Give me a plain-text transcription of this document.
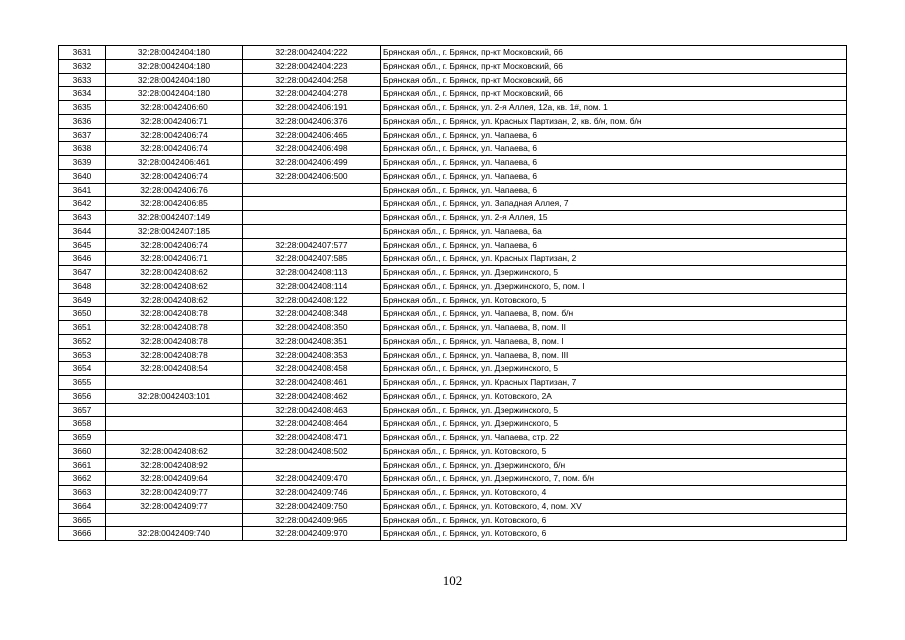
3631	32:28:0042404:180	32:28:0042404:222	Брянская обл., г. Брянск, пр-кт Московский, 66
3632	32:28:0042404:180	32:28:0042404:223	Брянская обл., г. Брянск, пр-кт Московский, 66
3633	32:28:0042404:180	32:28:0042404:258	Брянская обл., г. Брянск, пр-кт Московский, 66
3634	32:28:0042404:180	32:28:0042404:278	Брянская обл., г. Брянск, пр-кт Московский, 66
3635	32:28:0042406:60	32:28:0042406:191	Брянская обл., г. Брянск, ул. 2-я Аллея, 12а, кв. 1#, пом. 1
3636	32:28:0042406:71	32:28:0042406:376	Брянская обл., г. Брянск, ул. Красных Партизан, 2, кв. б/н, пом. б/н
3637	32:28:0042406:74	32:28:0042406:465	Брянская обл., г. Брянск, ул. Чапаева, 6
3638	32:28:0042406:74	32:28:0042406:498	Брянская обл., г. Брянск, ул. Чапаева, 6
3639	32:28:0042406:461	32:28:0042406:499	Брянская обл., г. Брянск, ул. Чапаева, 6
3640	32:28:0042406:74	32:28:0042406:500	Брянская обл., г. Брянск, ул. Чапаева, 6
3641	32:28:0042406:76		Брянская обл., г. Брянск, ул. Чапаева, 6
3642	32:28:0042406:85		Брянская обл., г. Брянск, ул. Западная Аллея, 7
3643	32:28:0042407:149		Брянская обл., г. Брянск, ул. 2-я Аллея, 15
3644	32:28:0042407:185		Брянская обл., г. Брянск, ул. Чапаева, 6а
3645	32:28:0042406:74	32:28:0042407:577	Брянская обл., г. Брянск, ул. Чапаева, 6
3646	32:28:0042406:71	32:28:0042407:585	Брянская обл., г. Брянск, ул. Красных Партизан, 2
3647	32:28:0042408:62	32:28:0042408:113	Брянская обл., г. Брянск, ул. Дзержинского, 5
3648	32:28:0042408:62	32:28:0042408:114	Брянская обл., г. Брянск, ул. Дзержинского, 5, пом. I
3649	32:28:0042408:62	32:28:0042408:122	Брянская обл., г. Брянск, ул. Котовского, 5
3650	32:28:0042408:78	32:28:0042408:348	Брянская обл., г. Брянск, ул. Чапаева, 8, пом. б/н
3651	32:28:0042408:78	32:28:0042408:350	Брянская обл., г. Брянск, ул. Чапаева, 8, пом. II
3652	32:28:0042408:78	32:28:0042408:351	Брянская обл., г. Брянск, ул. Чапаева, 8, пом. I
3653	32:28:0042408:78	32:28:0042408:353	Брянская обл., г. Брянск, ул. Чапаева, 8, пом. III
3654	32:28:0042408:54	32:28:0042408:458	Брянская обл., г. Брянск, ул. Дзержинского, 5
3655		32:28:0042408:461	Брянская обл., г. Брянск, ул. Красных Партизан, 7
3656	32:28:0042403:101	32:28:0042408:462	Брянская обл., г. Брянск, ул. Котовского, 2А
3657		32:28:0042408:463	Брянская обл., г. Брянск, ул. Дзержинского, 5
3658		32:28:0042408:464	Брянская обл., г. Брянск, ул. Дзержинского, 5
3659		32:28:0042408:471	Брянская обл., г. Брянск, ул. Чапаева, стр. 22
3660	32:28:0042408:62	32:28:0042408:502	Брянская обл., г. Брянск, ул. Котовского, 5
3661	32:28:0042408:92		Брянская обл., г. Брянск, ул. Дзержинского, б/н
3662	32:28:0042409:64	32:28:0042409:470	Брянская обл., г. Брянск, ул. Дзержинского, 7, пом. б/н
3663	32:28:0042409:77	32:28:0042409:746	Брянская обл., г. Брянск, ул. Котовского, 4
3664	32:28:0042409:77	32:28:0042409:750	Брянская обл., г. Брянск, ул. Котовского, 4, пом. XV
3665		32:28:0042409:965	Брянская обл., г. Брянск, ул. Котовского, 6
3666	32:28:0042409:740	32:28:0042409:970	Брянская обл., г. Брянск, ул. Котовского, 6
102
